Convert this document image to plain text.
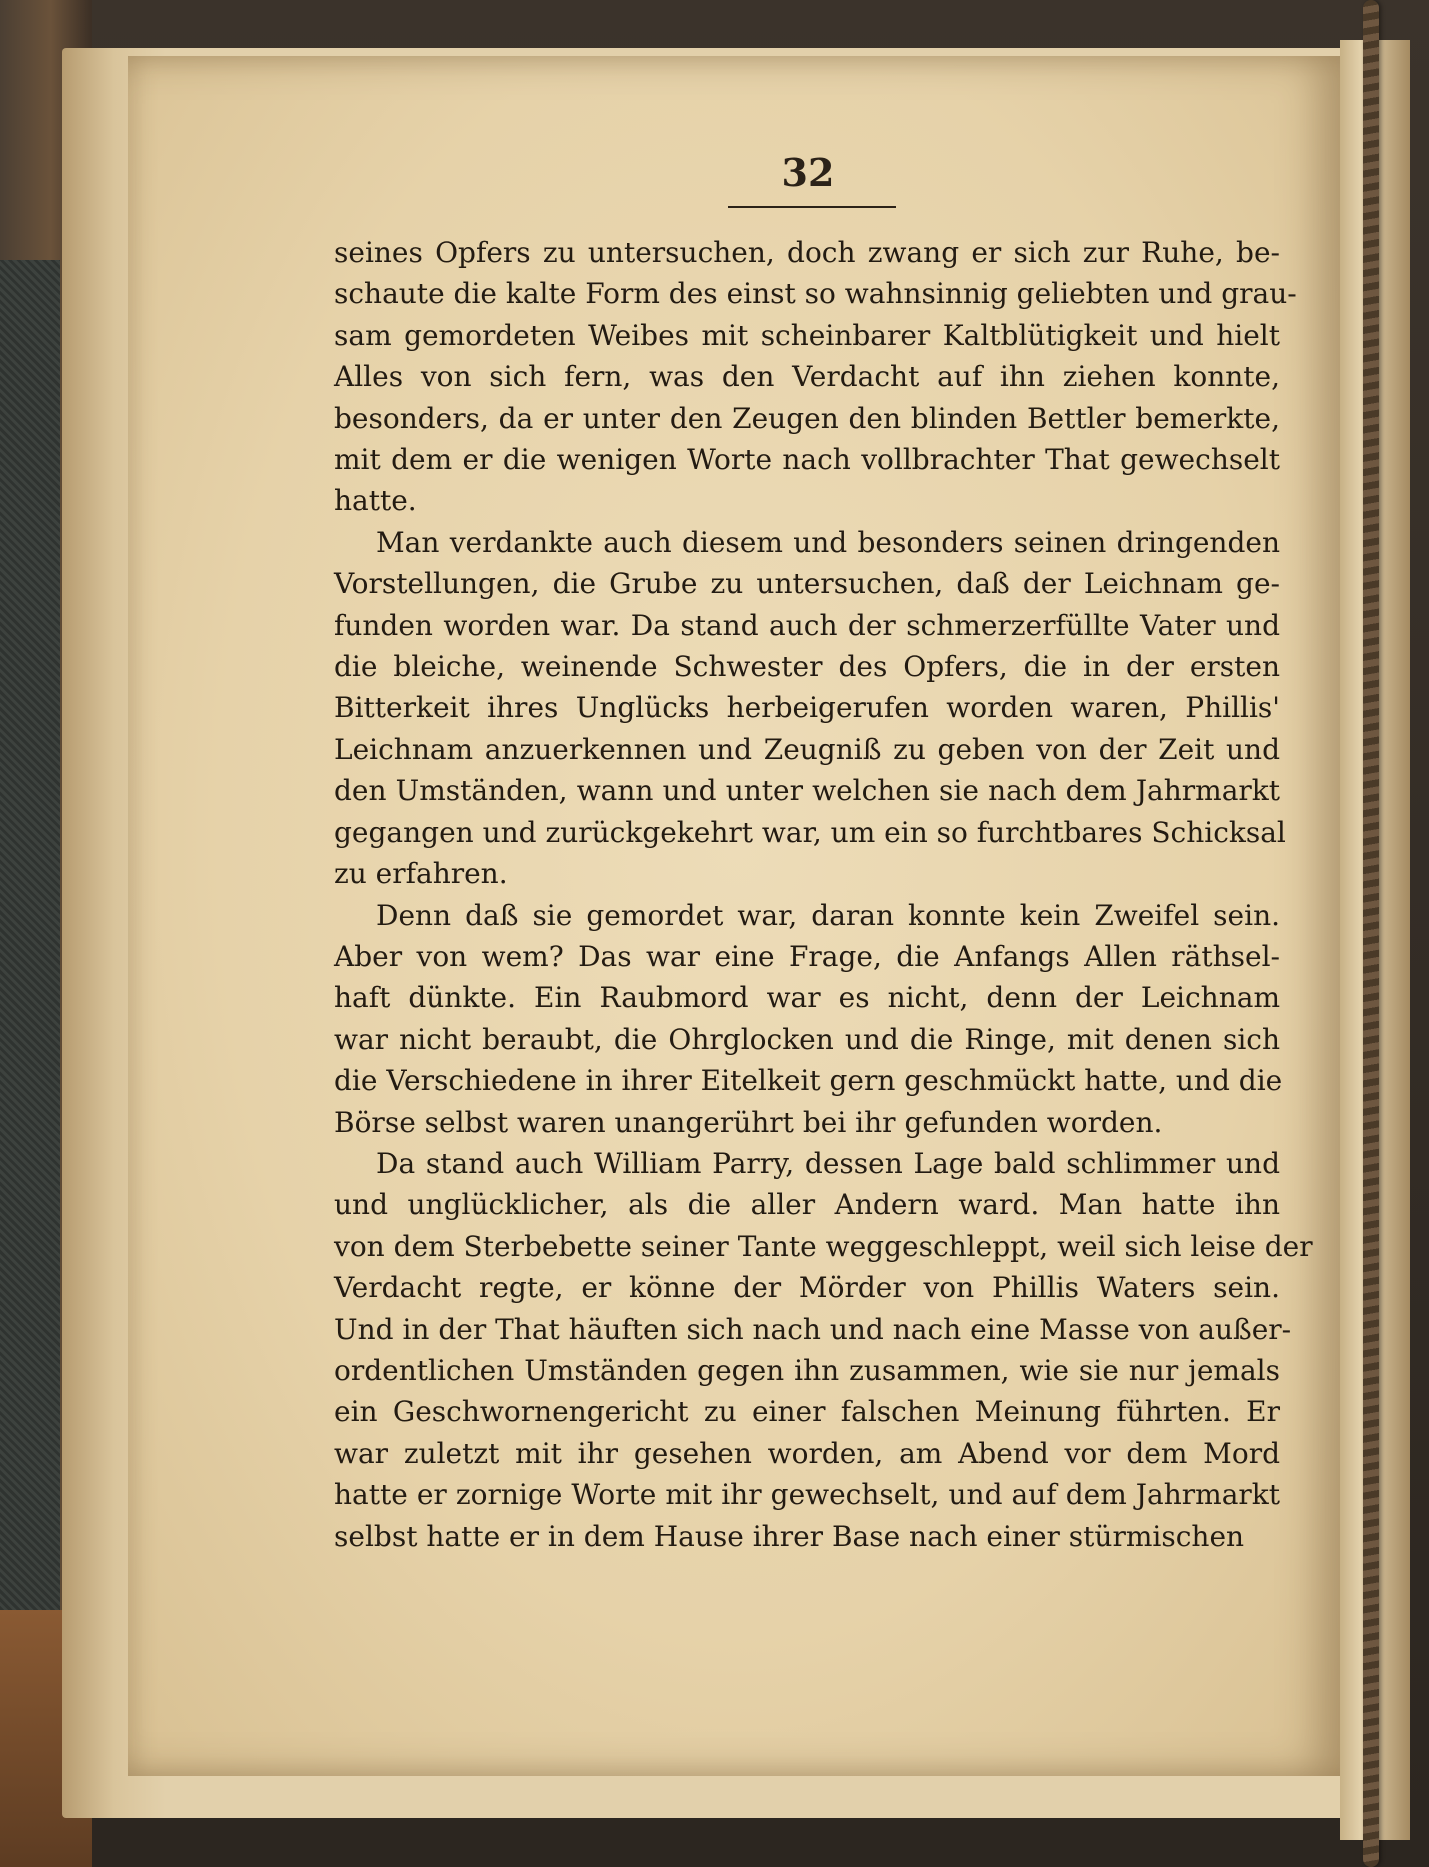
32

seines Opfers zu untersuchen, doch zwang er sich zur Ruhe, be-
schaute die kalte Form des einst so wahnsinnig geliebten und grau-
sam gemordeten Weibes mit scheinbarer Kaltblütigkeit und hielt
Alles von sich fern, was den Verdacht auf ihn ziehen konnte,
besonders, da er unter den Zeugen den blinden Bettler bemerkte,
mit dem er die wenigen Worte nach vollbrachter That gewechselt
hatte.

Man verdankte auch diesem und besonders seinen dringenden
Vorstellungen, die Grube zu untersuchen, daß der Leichnam ge-
funden worden war. Da stand auch der schmerzerfüllte Vater und
die bleiche, weinende Schwester des Opfers, die in der ersten
Bitterkeit ihres Unglücks herbeigerufen worden waren, Phillis'
Leichnam anzuerkennen und Zeugniß zu geben von der Zeit und
den Umständen, wann und unter welchen sie nach dem Jahrmarkt
gegangen und zurückgekehrt war, um ein so furchtbares Schicksal
zu erfahren.

Denn daß sie gemordet war, daran konnte kein Zweifel sein.
Aber von wem? Das war eine Frage, die Anfangs Allen räthsel-
haft dünkte. Ein Raubmord war es nicht, denn der Leichnam
war nicht beraubt, die Ohrglocken und die Ringe, mit denen sich
die Verschiedene in ihrer Eitelkeit gern geschmückt hatte, und die
Börse selbst waren unangerührt bei ihr gefunden worden.

Da stand auch William Parry, dessen Lage bald schlimmer und
und unglücklicher, als die aller Andern ward. Man hatte ihn
von dem Sterbebette seiner Tante weggeschleppt, weil sich leise der
Verdacht regte, er könne der Mörder von Phillis Waters sein.
Und in der That häuften sich nach und nach eine Masse von außer-
ordentlichen Umständen gegen ihn zusammen, wie sie nur jemals
ein Geschwornengericht zu einer falschen Meinung führten. Er
war zuletzt mit ihr gesehen worden, am Abend vor dem Mord
hatte er zornige Worte mit ihr gewechselt, und auf dem Jahrmarkt
selbst hatte er in dem Hause ihrer Base nach einer stürmischen
